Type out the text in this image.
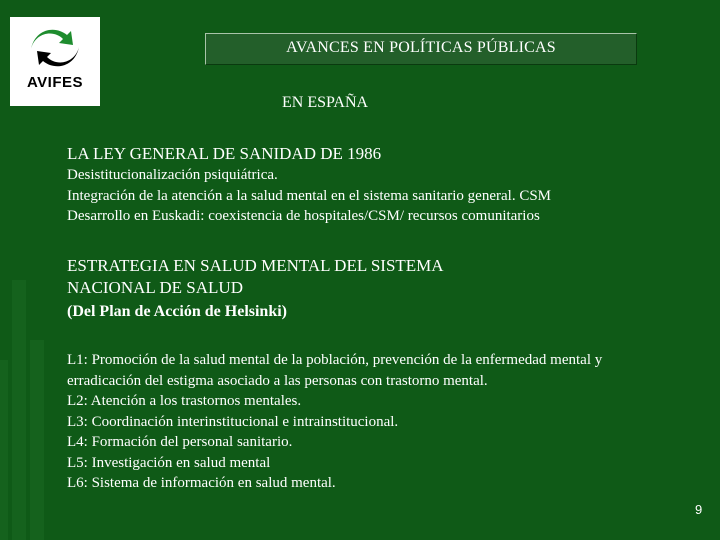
AVIFES
AVANCES EN POLÍTICAS PÚBLICAS
EN ESPAÑA
LA LEY GENERAL DE SANIDAD DE 1986
Desistitucionalización psiquiátrica.
Integración de la atención a la salud mental en el sistema sanitario general. CSM
Desarrollo en Euskadi: coexistencia de hospitales/CSM/ recursos comunitarios
ESTRATEGIA EN SALUD MENTAL DEL SISTEMA
NACIONAL DE SALUD
(Del Plan de Acción de Helsinki)
L1: Promoción de la salud mental de la población, prevención de la enfermedad mental y
erradicación del estigma asociado a las personas con trastorno mental.
L2: Atención a los trastornos mentales.
L3: Coordinación interinstitucional e intrainstitucional.
L4: Formación del personal sanitario.
L5: Investigación en salud mental
L6: Sistema de información en salud mental.
9
